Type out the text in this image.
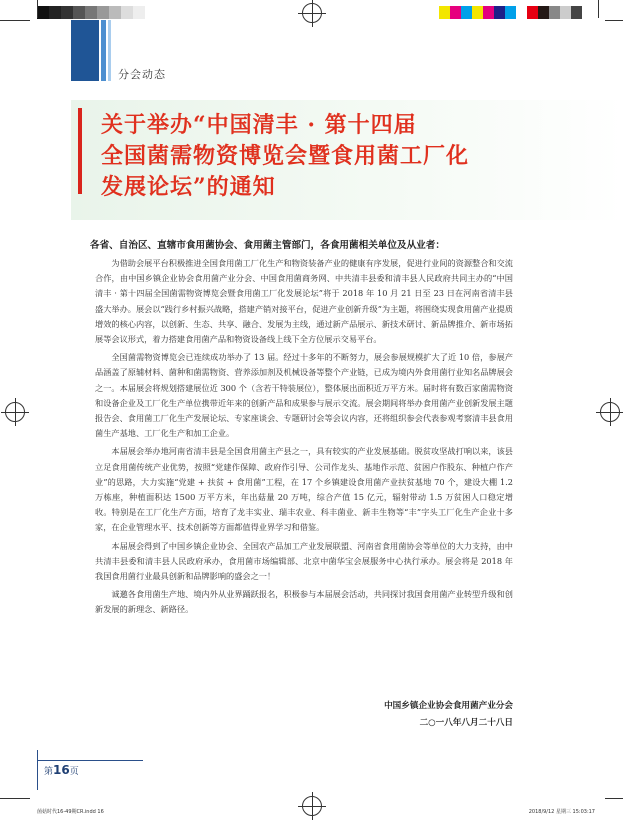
分会动态
关于举办“中国清丰 · 第十四届
全国菌需物资博览会暨食用菌工厂化
发展论坛”的通知
各省、自治区、直辖市食用菌协会、食用菌主管部门，各食用菌相关单位及从业者：

为借助会展平台积极推进全国食用菌工厂化生产和物资装备产业的健康有序发展，促进行业间的资源整合和交流合作，由中国乡镇企业协会食用菌产业分会、中国食用菌商务网、中共清丰县委和清丰县人民政府共同主办的“中国清丰 · 第十四届全国菌需物资博览会暨食用菌工厂化发展论坛”将于 2018 年 10 月 21 日至 23 日在河南省清丰县盛大举办。展会以“践行乡村振兴战略，搭建产销对接平台，促进产业创新升级”为主题，将围绕实现食用菌产业提质增效的核心内容，以创新、生态、共享、融合、发展为主线，通过新产品展示、新技术研讨、新品牌推介、新市场拓展等会议形式，着力搭建食用菌产品和物资设备线上线下全方位展示交易平台。

全国菌需物资博览会已连续成功举办了 13 届。经过十多年的不断努力，展会参展规模扩大了近 10 倍，参展产品涵盖了原辅材料、菌种和菌需物资、营养添加剂及机械设备等整个产业链，已成为境内外食用菌行业知名品牌展会之一。本届展会将规划搭建展位近 300 个（含若干特装展位），整体展出面积近万平方米。届时将有数百家菌需物资和设备企业及工厂化生产单位携带近年来的创新产品和成果参与展示交流。展会期间将举办食用菌产业创新发展主题报告会、食用菌工厂化生产发展论坛、专家座谈会、专题研讨会等会议内容，还将组织参会代表参观考察清丰县食用菌生产基地、工厂化生产和加工企业。

本届展会举办地河南省清丰县是全国食用菌主产县之一，具有较实的产业发展基础。脱贫攻坚战打响以来，该县立足食用菌传统产业优势，按照“党建作保障、政府作引导、公司作龙头、基地作示范、贫困户作股东、种植户作产业”的思路，大力实施“党建 + 扶贫 + 食用菌”工程，在 17 个乡镇建设食用菌产业扶贫基地 70 个，建设大棚 1.2 万栋座，种植面积达 1500 万平方米，年出菇量 20 万吨，综合产值 15 亿元，辐射带动 1.5 万贫困人口稳定增收。特别是在工厂化生产方面，培育了龙丰实业、瑞丰农业、科丰菌业、新丰生物等“丰”字头工厂化生产企业十多家，在企业管理水平、技术创新等方面都值得业界学习和借鉴。

本届展会得到了中国乡镇企业协会、全国农产品加工产业发展联盟、河南省食用菌协会等单位的大力支持，由中共清丰县委和清丰县人民政府承办，食用菌市场编辑部、北京中菌华宝会展服务中心执行承办。展会将是 2018 年我国食用菌行业最具创新和品牌影响的盛会之一！

诚邀各食用菌生产地、境内外从业界踊跃报名，积极参与本届展会活动，共同探讨我国食用菌产业转型升级和创新发展的新理念、新路径。

中国乡镇企业协会食用菌产业分会
二○一八年八月二十八日
第16页
菌菇时代16-49期CR.indd 16	2018/9/12 星期三 15:03:17
